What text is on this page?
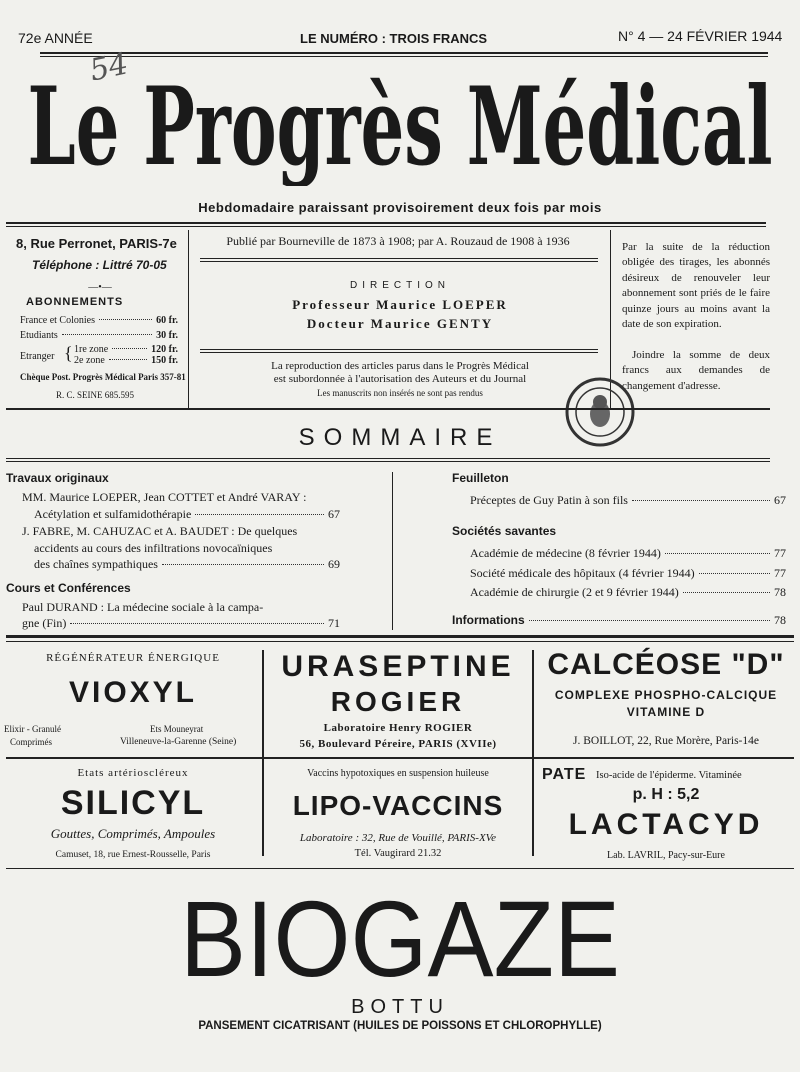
72e ANNÉE	LE NUMÉRO : TROIS FRANCS	N° 4 — 24 FÉVRIER 1944
54
Le Progrès Médical
Hebdomadaire paraissant provisoirement deux fois par mois
8, Rue Perronet, PARIS-7e
Téléphone : Littré 70-05
—•—
ABONNEMENTS
France et Colonies	60 fr.
Etudiants	30 fr.
Etranger { 1re zone	120 fr.
2e zone	150 fr.
Chèque Post. Progrès Médical Paris 357-81
R. C. SEINE 685.595
Publié par Bourneville de 1873 à 1908; par A. Rouzaud de 1908 à 1936
DIRECTION
Professeur Maurice LOEPER
Docteur Maurice GENTY
La reproduction des articles parus dans le Progrès Médical
est subordonnée à l'autorisation des Auteurs et du Journal
Les manuscrits non insérés ne sont pas rendus
Par la suite de la réduction obligée des tirages, les abonnés désireux de renouveler leur abonnement sont priés de le faire quinze jours au moins avant la date de son expiration.
Joindre la somme de deux francs aux demandes de changement d'adresse.
SOMMAIRE
Travaux originaux
MM. Maurice LOEPER, Jean COTTET et André VARAY :
Acétylation et sulfamidothérapie	67
J. FABRE, M. CAHUZAC et A. BAUDET : De quelques
accidents au cours des infiltrations novocaïniques
des chaînes sympathiques	69
Cours et Conférences
Paul DURAND : La médecine sociale à la campa-
gne (Fin)	71
Feuilleton
Préceptes de Guy Patin à son fils	67
Sociétés savantes
Académie de médecine (8 février 1944)	77
Société médicale des hôpitaux (4 février 1944)	77
Académie de chirurgie (2 et 9 février 1944)	78
Informations	78
RÉGÉNÉRATEUR ÉNERGIQUE
VIOXYL
Elixir - Granulé
Comprimés
Ets Mouneyrat
Villeneuve-la-Garenne (Seine)
URASEPTINE
ROGIER
Laboratoire Henry ROGIER
56, Boulevard Péreire, PARIS (XVIIe)
CALCÉOSE "D"
COMPLEXE PHOSPHO-CALCIQUE
VITAMINE D
J. BOILLOT, 22, Rue Morère, Paris-14e
Etats artérioscléreux
SILICYL
Gouttes, Comprimés, Ampoules
Camuset, 18, rue Ernest-Rousselle, Paris
Vaccins hypotoxiques en suspension huileuse
LIPO-VACCINS
Laboratoire : 32, Rue de Vouillé, PARIS-XVe
Tél. Vaugirard 21.32
PATE Iso-acide de l'épiderme. Vitaminée
p. H : 5,2
LACTACYD
Lab. LAVRIL, Pacy-sur-Eure
BIOGAZE
BOTTU
PANSEMENT CICATRISANT (HUILES DE POISSONS ET CHLOROPHYLLE)
